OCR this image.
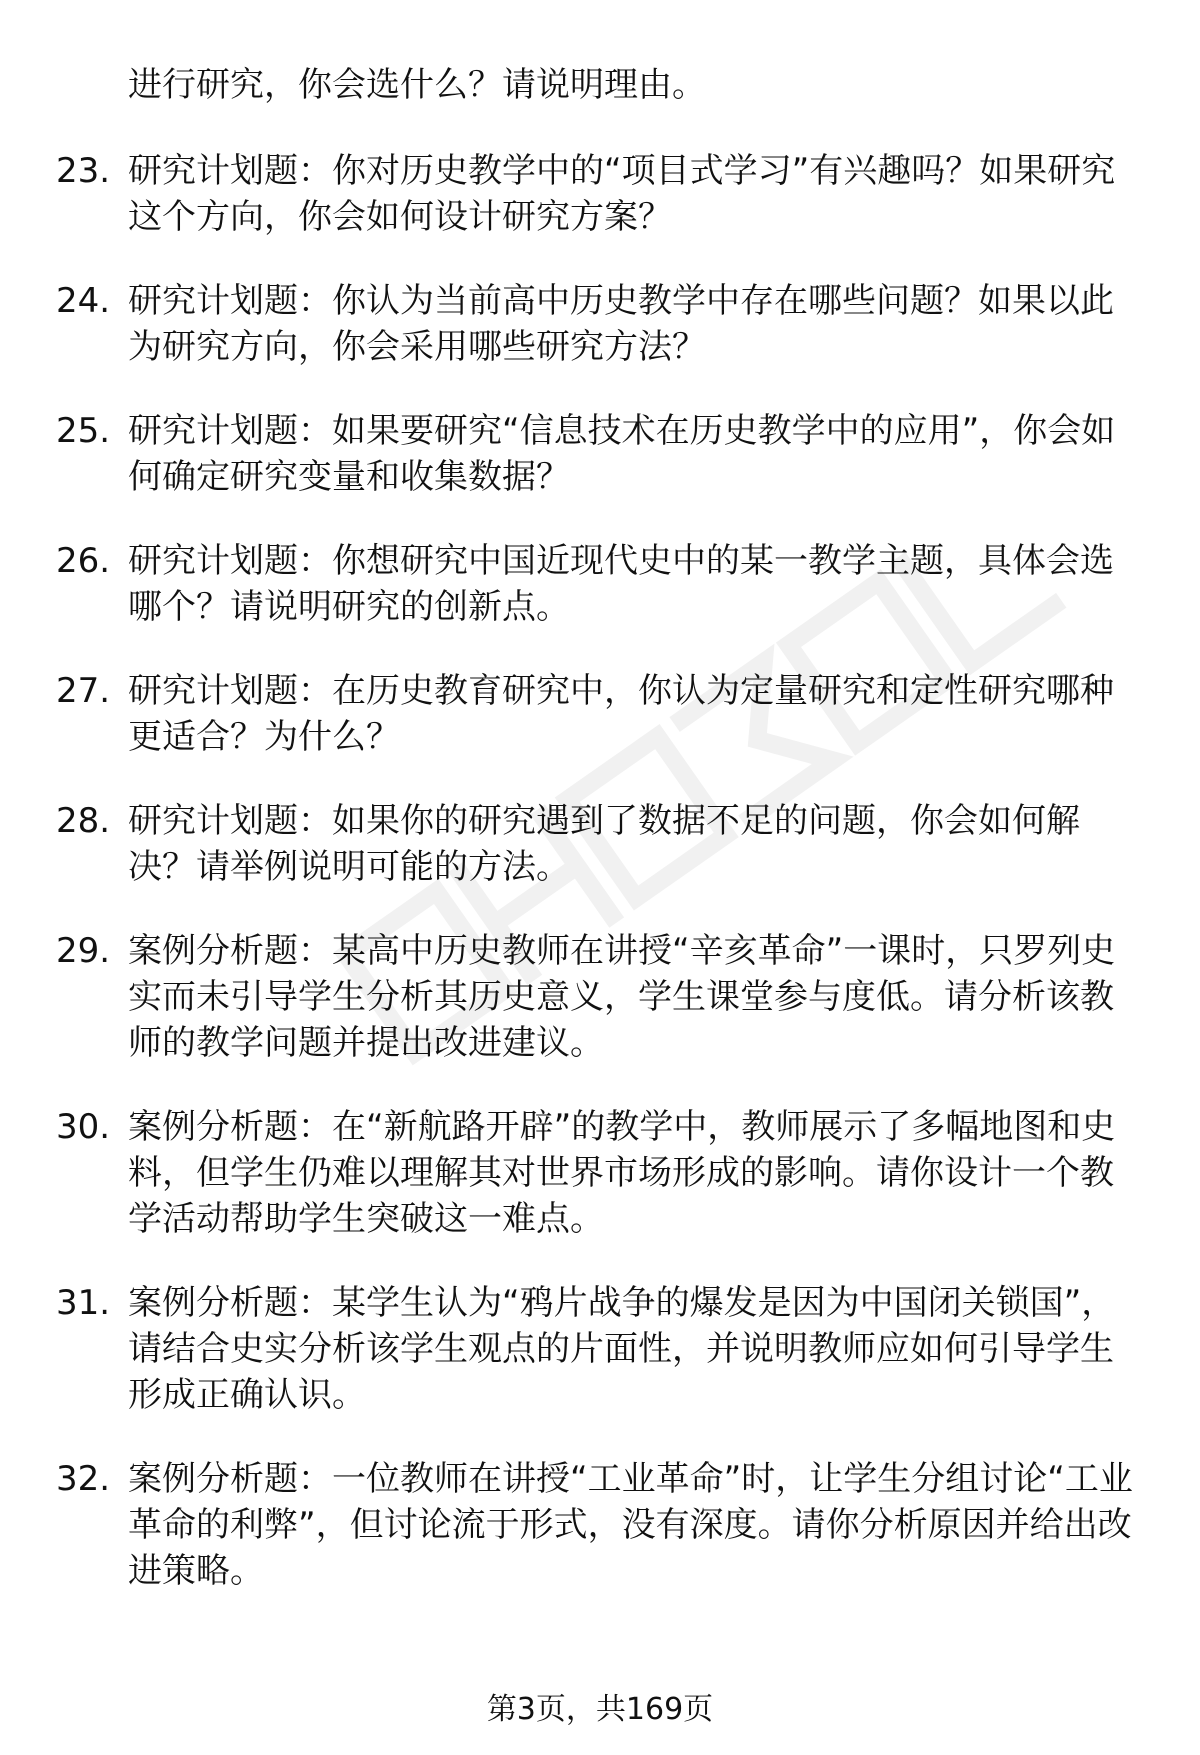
进行研究，你会选什么？请说明理由。
23. 研究计划题：你对历史教学中的“项目式学习”有兴趣吗？如果研究这个方向，你会如何设计研究方案？
24. 研究计划题：你认为当前高中历史教学中存在哪些问题？如果以此为研究方向，你会采用哪些研究方法？
25. 研究计划题：如果要研究“信息技术在历史教学中的应用”，你会如何确定研究变量和收集数据？
26. 研究计划题：你想研究中国近现代史中的某一教学主题，具体会选哪个？请说明研究的创新点。
27. 研究计划题：在历史教育研究中，你认为定量研究和定性研究哪种更适合？为什么？
28. 研究计划题：如果你的研究遇到了数据不足的问题，你会如何解决？请举例说明可能的方法。
29. 案例分析题：某高中历史教师在讲授“辛亥革命”一课时，只罗列史实而未引导学生分析其历史意义，学生课堂参与度低。请分析该教师的教学问题并提出改进建议。
30. 案例分析题：在“新航路开辟”的教学中，教师展示了多幅地图和史料，但学生仍难以理解其对世界市场形成的影响。请你设计一个教学活动帮助学生突破这一难点。
31. 案例分析题：某学生认为“鸦片战争的爆发是因为中国闭关锁国”，请结合史实分析该学生观点的片面性，并说明教师应如何引导学生形成正确认识。
32. 案例分析题：一位教师在讲授“工业革命”时，让学生分组讨论“工业革命的利弊”，但讨论流于形式，没有深度。请你分析原因并给出改进策略。
第3页，共169页
